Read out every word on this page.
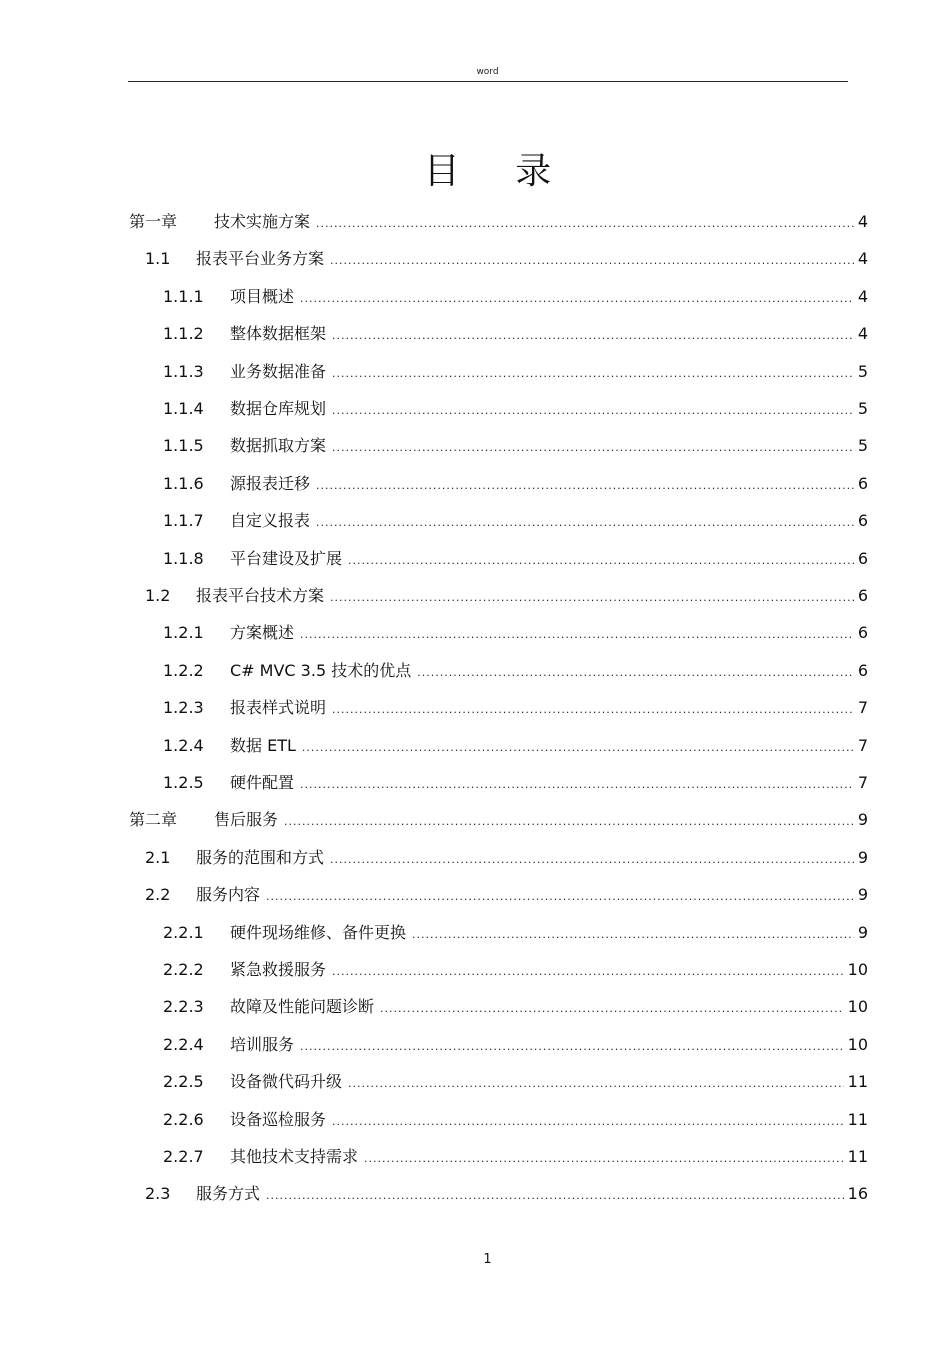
word
目 录
第一章	技术实施方案 .....	4
1.1	报表平台业务方案 .....	4
1.1.1	项目概述 .....	4
1.1.2	整体数据框架 .....	4
1.1.3	业务数据准备 .....	5
1.1.4	数据仓库规划 .....	5
1.1.5	数据抓取方案 .....	5
1.1.6	源报表迁移 .....	6
1.1.7	自定义报表 .....	6
1.1.8	平台建设及扩展 .....	6
1.2	报表平台技术方案 .....	6
1.2.1	方案概述 .....	6
1.2.2	C# MVC 3.5 技术的优点 .....	6
1.2.3	报表样式说明 .....	7
1.2.4	数据 ETL .....	7
1.2.5	硬件配置 .....	7
第二章	售后服务 .....	9
2.1	服务的范围和方式 .....	9
2.2	服务内容 .....	9
2.2.1	硬件现场维修、备件更换 .....	9
2.2.2	紧急救援服务 .....	10
2.2.3	故障及性能问题诊断 .....	10
2.2.4	培训服务 .....	10
2.2.5	设备微代码升级 .....	11
2.2.6	设备巡检服务 .....	11
2.2.7	其他技术支持需求 .....	11
2.3	服务方式 .....	16
1
